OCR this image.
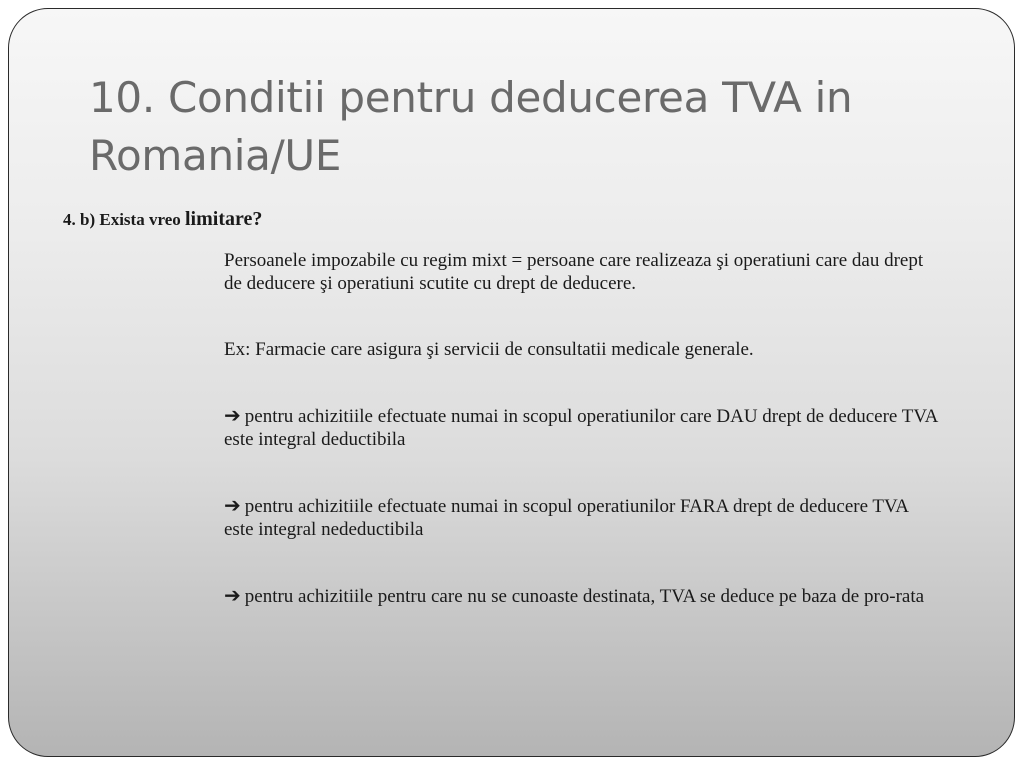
10. Conditii pentru deducerea TVA in Romania/UE

4. b) Exista vreo limitare?

Persoanele impozabile cu regim mixt = persoane care realizeaza şi operatiuni care dau drept de deducere şi operatiuni scutite cu drept de deducere.

Ex: Farmacie care asigura şi servicii de consultatii medicale generale.

➔ pentru achizitiile efectuate numai in scopul operatiunilor care DAU drept de deducere TVA este integral deductibila

➔ pentru achizitiile efectuate numai in scopul operatiunilor FARA drept de deducere TVA este integral nedeductibila

➔ pentru achizitiile pentru care nu se cunoaste destinata, TVA se deduce pe baza de pro-rata
